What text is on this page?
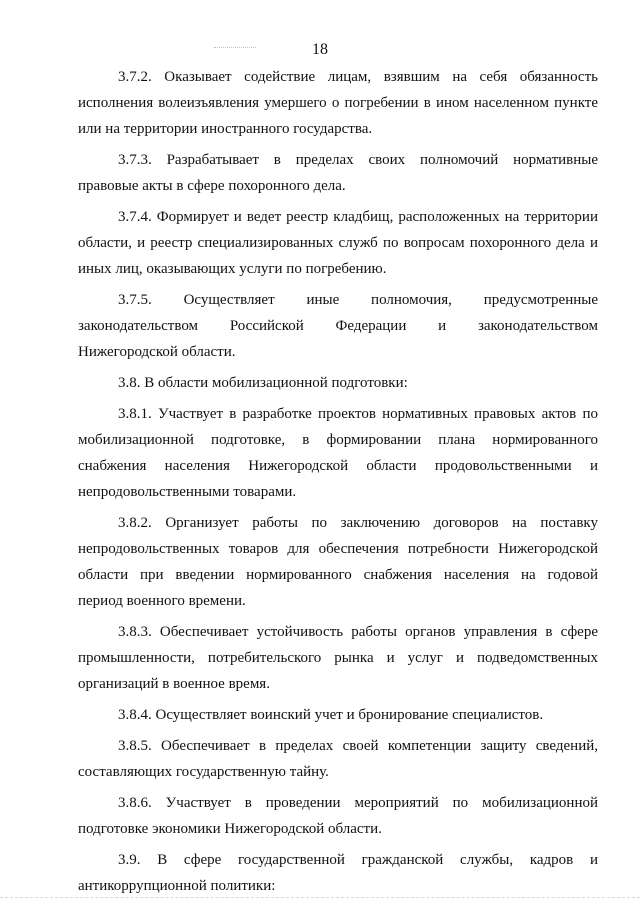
18

3.7.2. Оказывает содействие лицам, взявшим на себя обязанность
исполнения волеизъявления умершего о погребении в ином населенном пункте
или на территории иностранного государства.

3.7.3. Разрабатывает в пределах своих полномочий нормативные
правовые акты в сфере похоронного дела.

3.7.4. Формирует и ведет реестр кладбищ, расположенных на территории
области, и реестр специализированных служб по вопросам похоронного дела и
иных лиц, оказывающих услуги по погребению.

3.7.5. Осуществляет иные полномочия, предусмотренные
законодательством Российской Федерации и законодательством
Нижегородской области.

3.8. В области мобилизационной подготовки:

3.8.1. Участвует в разработке проектов нормативных правовых актов по
мобилизационной подготовке, в формировании плана нормированного
снабжения населения Нижегородской области продовольственными и
непродовольственными товарами.

3.8.2. Организует работы по заключению договоров на поставку
непродовольственных товаров для обеспечения потребности Нижегородской
области при введении нормированного снабжения населения на годовой
период военного времени.

3.8.3. Обеспечивает устойчивость работы органов управления в сфере
промышленности, потребительского рынка и услуг и подведомственных
организаций в военное время.

3.8.4. Осуществляет воинский учет и бронирование специалистов.

3.8.5. Обеспечивает в пределах своей компетенции защиту сведений,
составляющих государственную тайну.

3.8.6. Участвует в проведении мероприятий по мобилизационной
подготовке экономики Нижегородской области.

3.9. В сфере государственной гражданской службы, кадров и
антикоррупционной политики:
